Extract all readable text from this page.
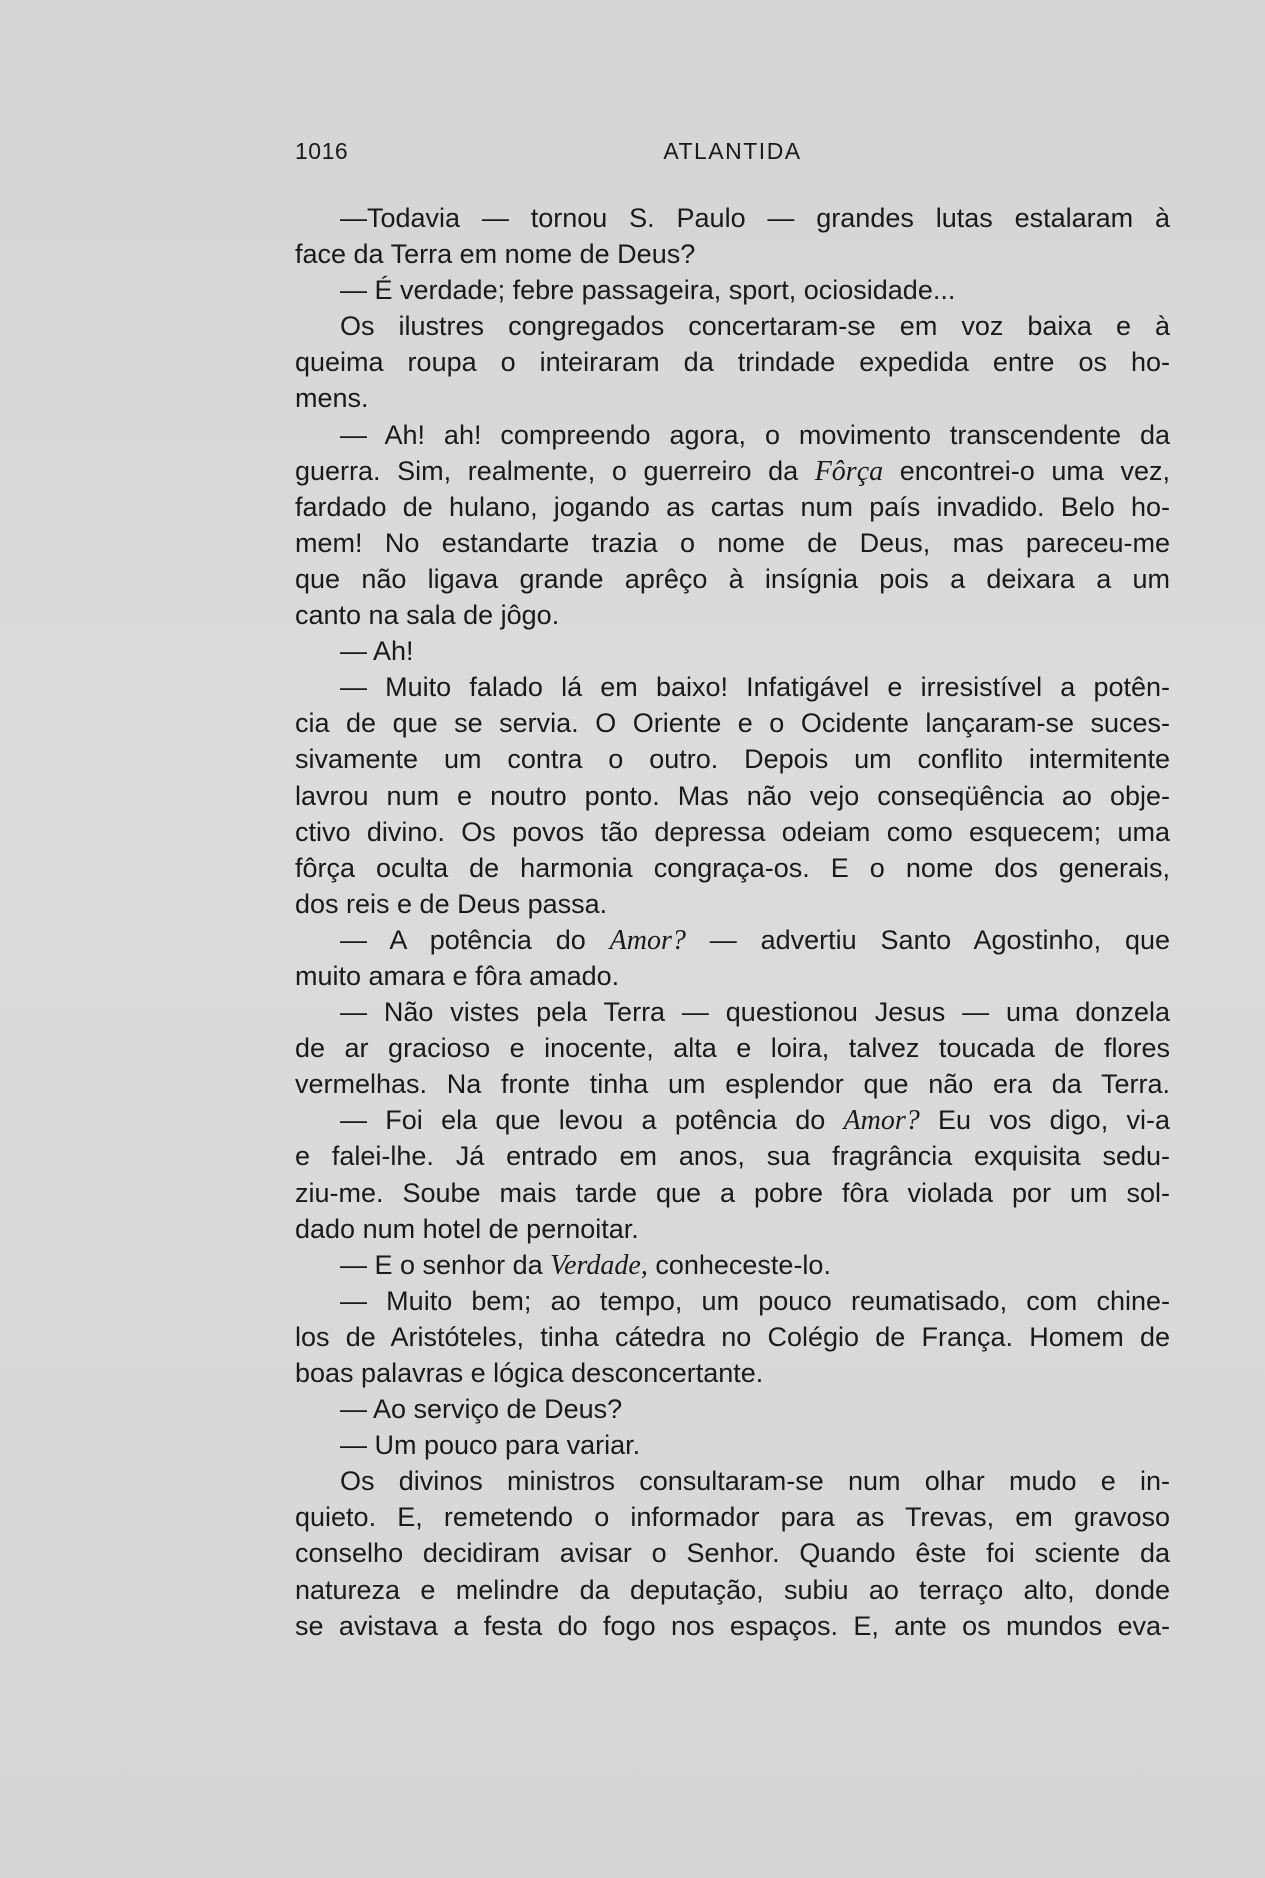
1016	ATLANTIDA
—Todavia — tornou S. Paulo — grandes lutas estalaram à
face da Terra em nome de Deus?
— É verdade; febre passageira, sport, ociosidade...
Os ilustres congregados concertaram-se em voz baixa e à
queima roupa o inteiraram da trindade expedida entre os ho-
mens.
— Ah! ah! compreendo agora, o movimento transcendente da
guerra. Sim, realmente, o guerreiro da Fôrça encontrei-o uma vez,
fardado de hulano, jogando as cartas num país invadido. Belo ho-
mem! No estandarte trazia o nome de Deus, mas pareceu-me
que não ligava grande aprêço à insígnia pois a deixara a um
canto na sala de jôgo.
— Ah!
— Muito falado lá em baixo! Infatigável e irresistível a potên-
cia de que se servia. O Oriente e o Ocidente lançaram-se suces-
sivamente um contra o outro. Depois um conflito intermitente
lavrou num e noutro ponto. Mas não vejo conseqüência ao obje-
ctivo divino. Os povos tão depressa odeiam como esquecem; uma
fôrça oculta de harmonia congraça-os. E o nome dos generais,
dos reis e de Deus passa.
— A potência do Amor? — advertiu Santo Agostinho, que
muito amara e fôra amado.
— Não vistes pela Terra — questionou Jesus — uma donzela
de ar gracioso e inocente, alta e loira, talvez toucada de flores
vermelhas. Na fronte tinha um esplendor que não era da Terra.
— Foi ela que levou a potência do Amor? Eu vos digo, vi-a
e falei-lhe. Já entrado em anos, sua fragrância exquisita sedu-
ziu-me. Soube mais tarde que a pobre fôra violada por um sol-
dado num hotel de pernoitar.
— E o senhor da Verdade, conheceste-lo.
— Muito bem; ao tempo, um pouco reumatisado, com chine-
los de Aristóteles, tinha cátedra no Colégio de França. Homem de
boas palavras e lógica desconcertante.
— Ao serviço de Deus?
— Um pouco para variar.
Os divinos ministros consultaram-se num olhar mudo e in-
quieto. E, remetendo o informador para as Trevas, em gravoso
conselho decidiram avisar o Senhor. Quando êste foi sciente da
natureza e melindre da deputação, subiu ao terraço alto, donde
se avistava a festa do fogo nos espaços. E, ante os mundos eva-
